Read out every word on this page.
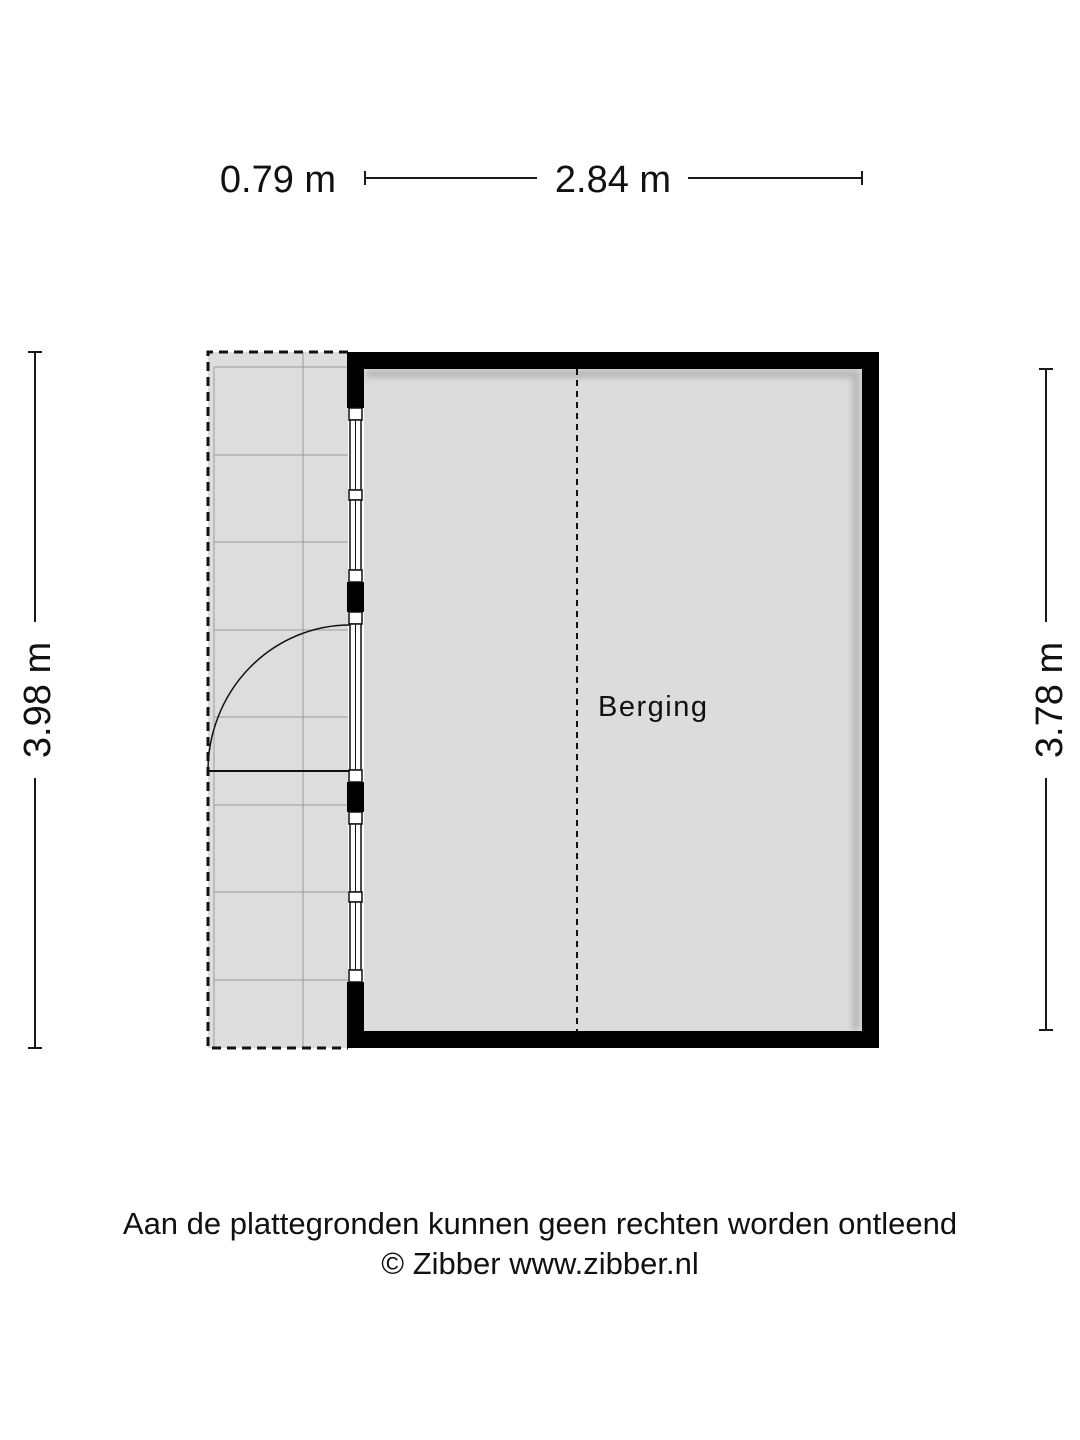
0.79 m	2.84 m
3.98 m	3.78 m
Berging
Aan de plattegronden kunnen geen rechten worden ontleend
© Zibber www.zibber.nl
